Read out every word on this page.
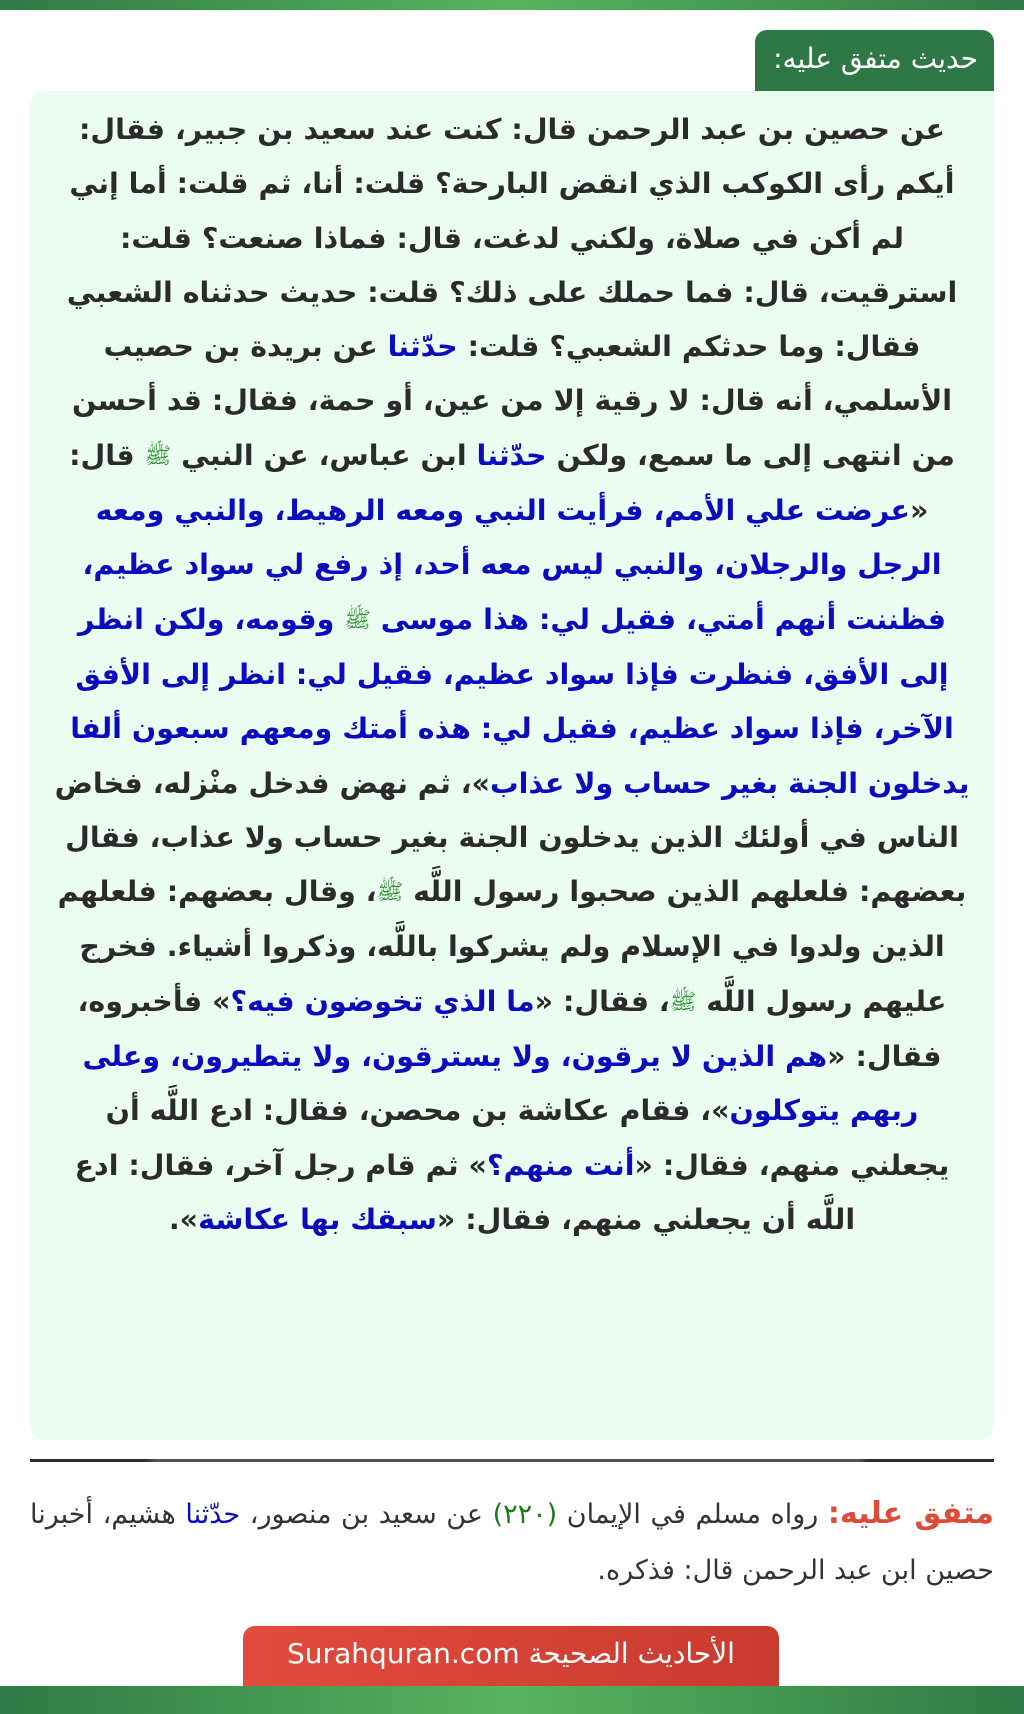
حديث متفق عليه:

عن حصين بن عبد الرحمن قال: كنت عند سعيد بن جبير، فقال: أيكم رأى الكوكب الذي انقض البارحة؟ قلت: أنا، ثم قلت: أما إني لم أكن في صلاة، ولكني لدغت، قال: فماذا صنعت؟ قلت: استرقيت، قال: فما حملك على ذلك؟ قلت: حديث حدثناه الشعبي فقال: وما حدثكم الشعبي؟ قلت: حدّثنا عن بريدة بن حصيب الأسلمي، أنه قال: لا رقية إلا من عين، أو حمة، فقال: قد أحسن من انتهى إلى ما سمع، ولكن حدّثنا ابن عباس، عن النبي ﷺ قال: «عرضت علي الأمم، فرأيت النبي ومعه الرهيط، والنبي ومعه الرجل والرجلان، والنبي ليس معه أحد، إذ رفع لي سواد عظيم، فظننت أنهم أمتي، فقيل لي: هذا موسى ﷺ وقومه، ولكن انظر إلى الأفق، فنظرت فإذا سواد عظيم، فقيل لي: انظر إلى الأفق الآخر، فإذا سواد عظيم، فقيل لي: هذه أمتك ومعهم سبعون ألفا يدخلون الجنة بغير حساب ولا عذاب»، ثم نهض فدخل منْزله، فخاض الناس في أولئك الذين يدخلون الجنة بغير حساب ولا عذاب، فقال بعضهم: فلعلهم الذين صحبوا رسول اللَّه ﷺ، وقال بعضهم: فلعلهم الذين ولدوا في الإسلام ولم يشركوا باللَّه، وذكروا أشياء. فخرج عليهم رسول اللَّه ﷺ، فقال: «ما الذي تخوضون فيه؟» فأخبروه، فقال: «هم الذين لا يرقون، ولا يسترقون، ولا يتطيرون، وعلى ربهم يتوكلون»، فقام عكاشة بن محصن، فقال: ادع اللَّه أن يجعلني منهم، فقال: «أنت منهم؟» ثم قام رجل آخر، فقال: ادع اللَّه أن يجعلني منهم، فقال: «سبقك بها عكاشة».

متفق عليه: رواه مسلم في الإيمان (٢٢٠) عن سعيد بن منصور، حدّثنا هشيم، أخبرنا حصين ابن عبد الرحمن قال: فذكره.
الأحاديث الصحيحة Surahquran.com
